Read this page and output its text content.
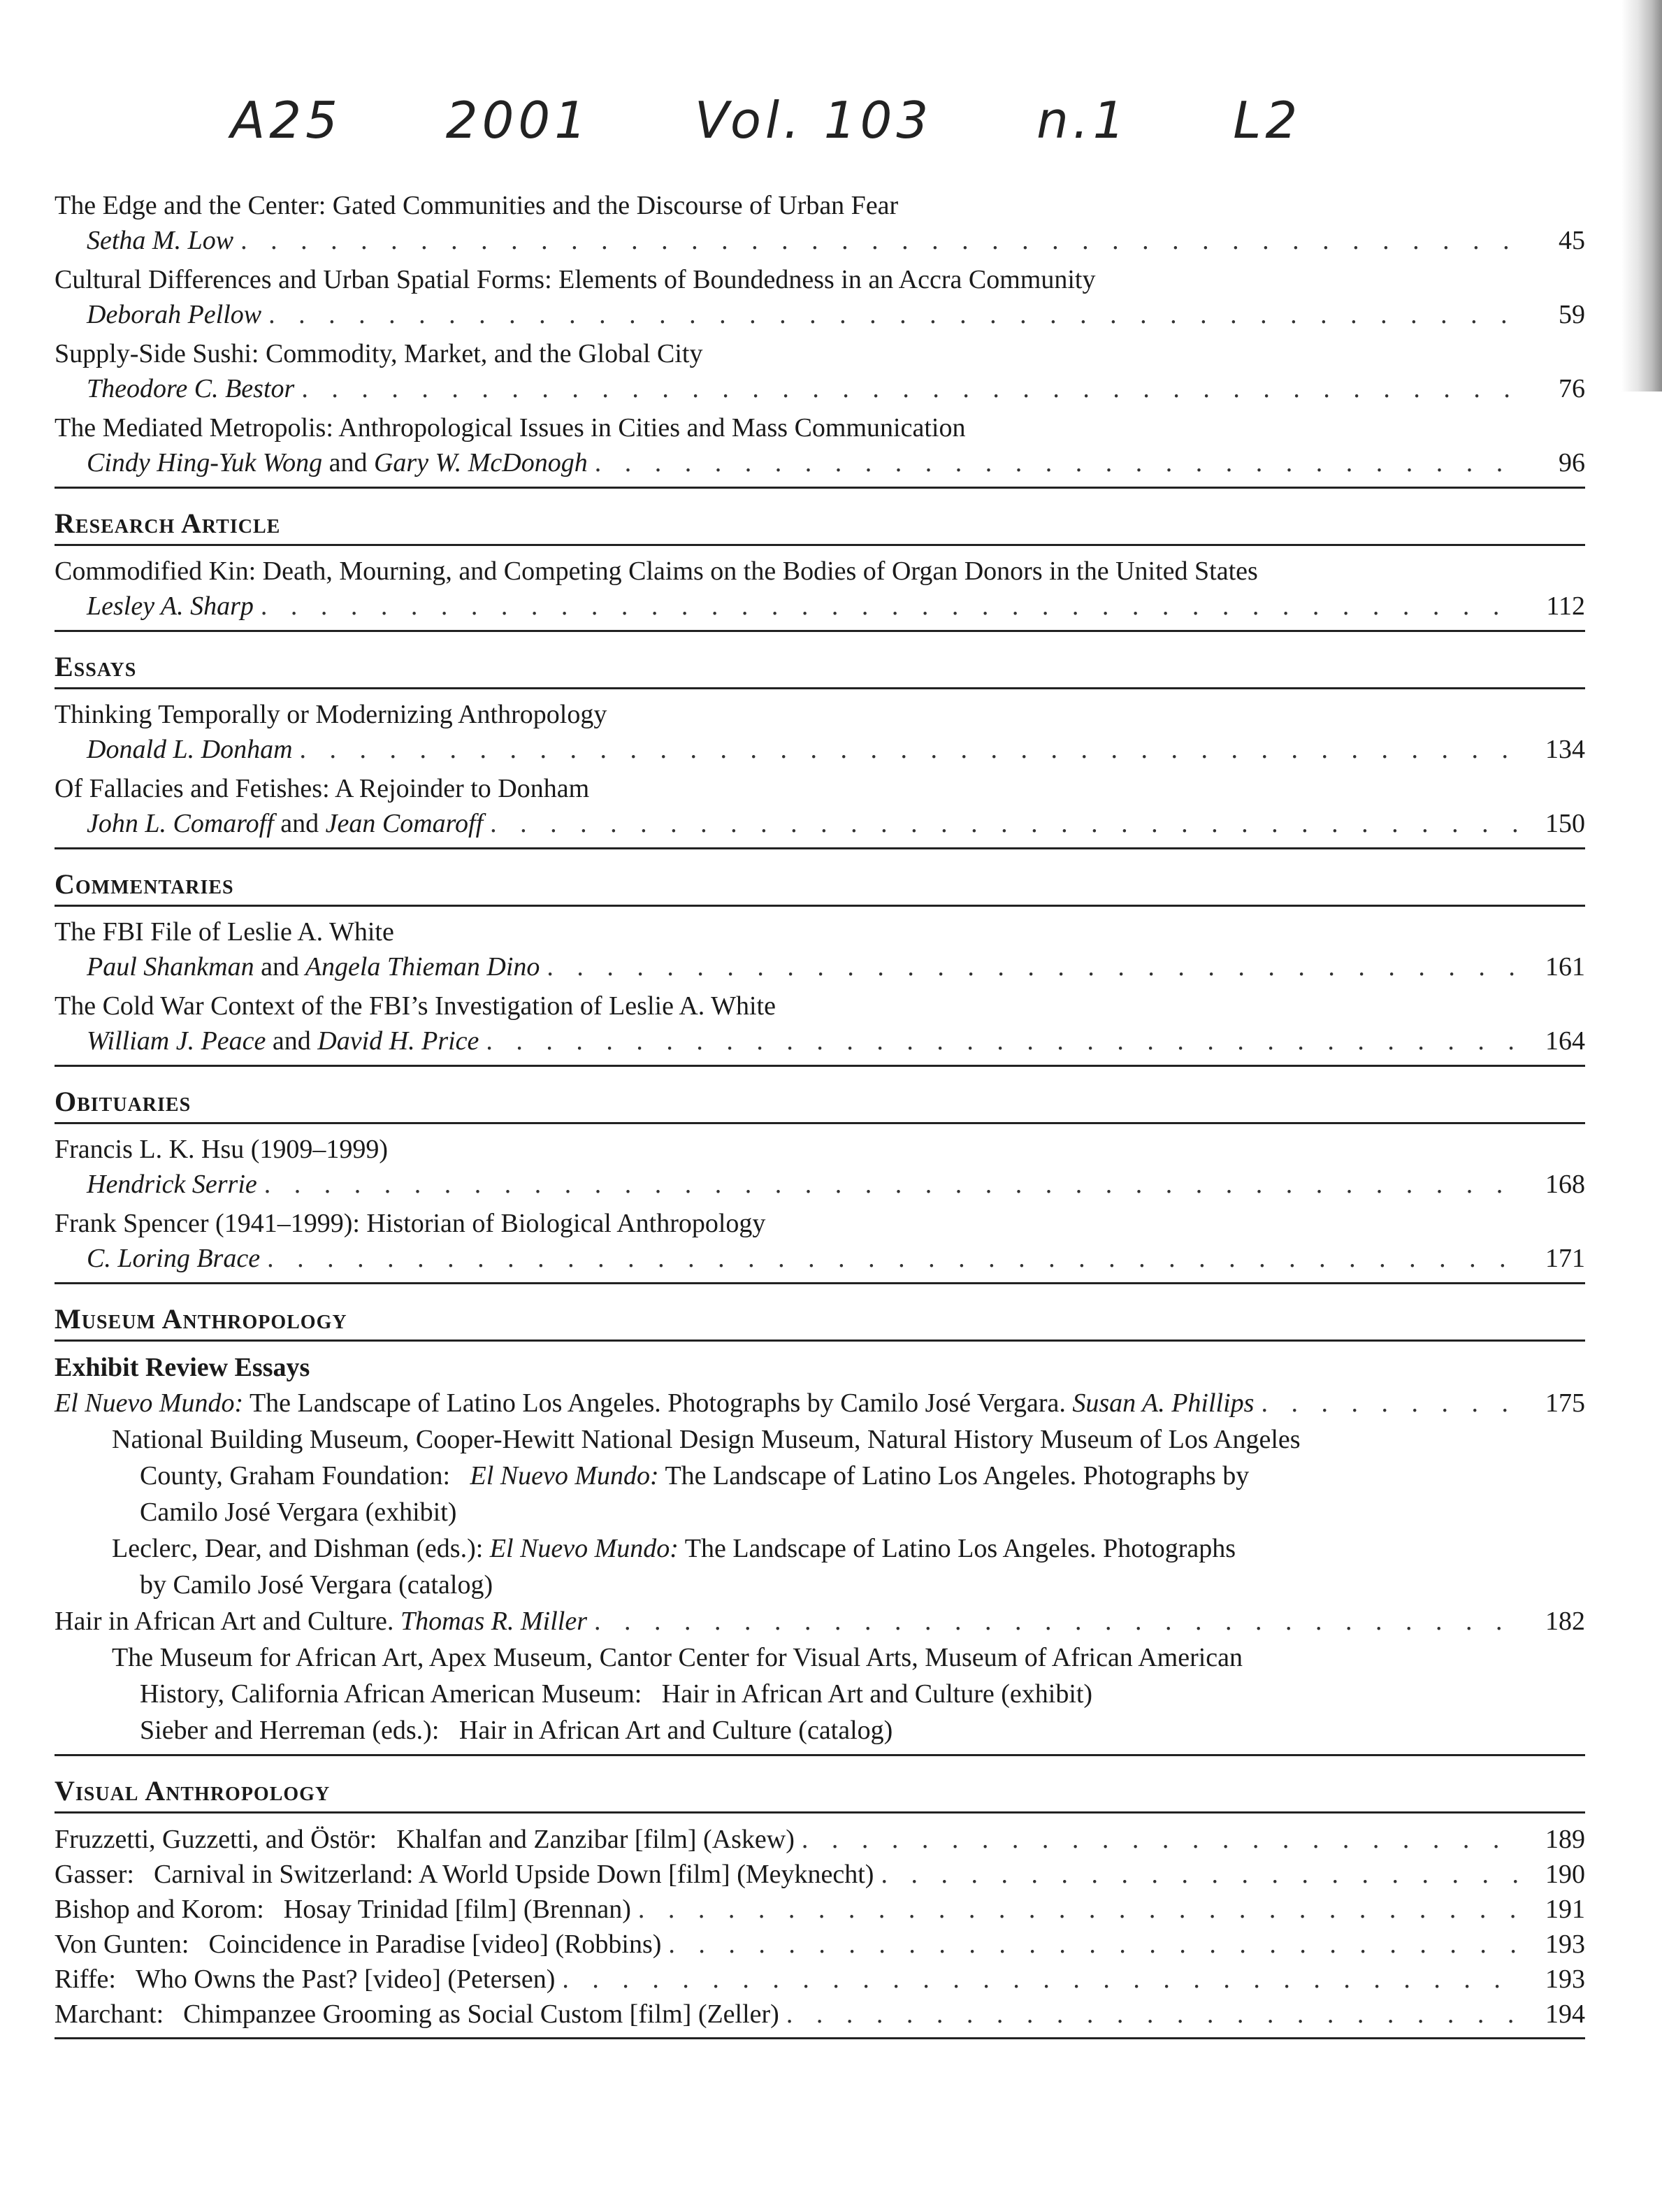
A25 2001 Vol. 103 n.1 L2
The Edge and the Center: Gated Communities and the Discourse of Urban Fear
Setha M. Low . . .	45
Cultural Differences and Urban Spatial Forms: Elements of Boundedness in an Accra Community
Deborah Pellow . . .	59
Supply-Side Sushi: Commodity, Market, and the Global City
Theodore C. Bestor . . .	76
The Mediated Metropolis: Anthropological Issues in Cities and Mass Communication
Cindy Hing-Yuk Wong and Gary W. McDonogh . . .	96
Research Article
Commodified Kin: Death, Mourning, and Competing Claims on the Bodies of Organ Donors in the United States
Lesley A. Sharp . . .	112
Essays
Thinking Temporally or Modernizing Anthropology
Donald L. Donham . . .	134
Of Fallacies and Fetishes: A Rejoinder to Donham
John L. Comaroff and Jean Comaroff . . .	150
Commentaries
The FBI File of Leslie A. White
Paul Shankman and Angela Thieman Dino . . .	161
The Cold War Context of the FBI’s Investigation of Leslie A. White
William J. Peace and David H. Price . . .	164
Obituaries
Francis L. K. Hsu (1909–1999)
Hendrick Serrie . . .	168
Frank Spencer (1941–1999): Historian of Biological Anthropology
C. Loring Brace . . .	171
Museum Anthropology
Exhibit Review Essays
El Nuevo Mundo: The Landscape of Latino Los Angeles. Photographs by Camilo José Vergara. Susan A. Phillips . . .	175
National Building Museum, Cooper-Hewitt National Design Museum, Natural History Museum of Los Angeles
County, Graham Foundation:   El Nuevo Mundo: The Landscape of Latino Los Angeles. Photographs by
Camilo José Vergara (exhibit)
Leclerc, Dear, and Dishman (eds.): El Nuevo Mundo: The Landscape of Latino Los Angeles. Photographs
by Camilo José Vergara (catalog)
Hair in African Art and Culture. Thomas R. Miller . . .	182
The Museum for African Art, Apex Museum, Cantor Center for Visual Arts, Museum of African American
History, California African American Museum:   Hair in African Art and Culture (exhibit)
Sieber and Herreman (eds.):   Hair in African Art and Culture (catalog)
Visual Anthropology
Fruzzetti, Guzzetti, and Östör: Khalfan and Zanzibar [film] (Askew) . . .	189
Gasser: Carnival in Switzerland: A World Upside Down [film] (Meyknecht) . . .	190
Bishop and Korom: Hosay Trinidad [film] (Brennan) . . .	191
Von Gunten: Coincidence in Paradise [video] (Robbins) . . .	193
Riffe: Who Owns the Past? [video] (Petersen) . . .	193
Marchant: Chimpanzee Grooming as Social Custom [film] (Zeller) . . .	194
